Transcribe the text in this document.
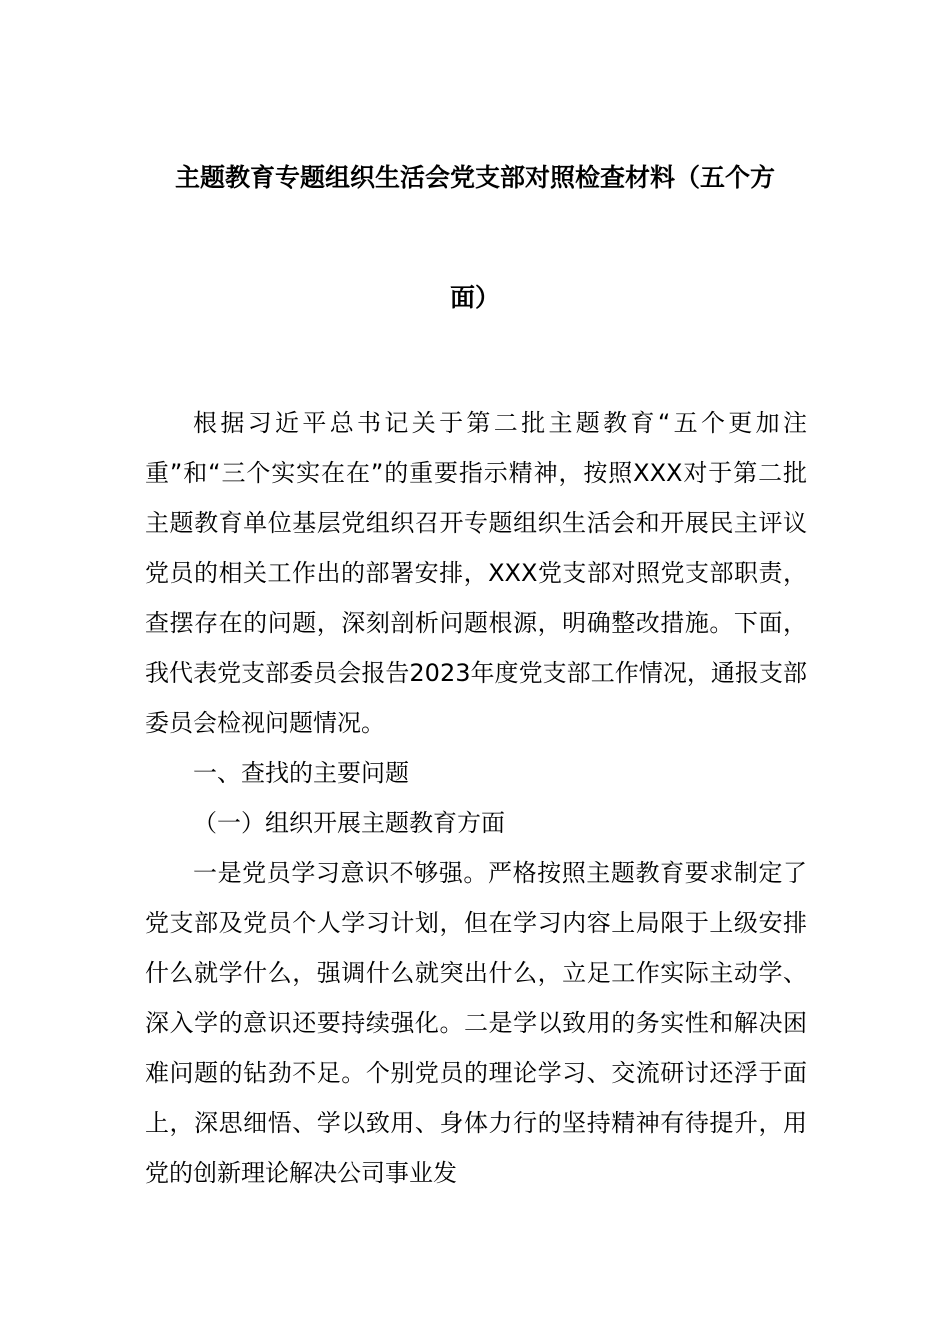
主题教育专题组织生活会党支部对照检查材料（五个方
面）

根据习近平总书记关于第二批主题教育“五个更加注重”和“三个实实在在”的重要指示精神，按照XXX对于第二批主题教育单位基层党组织召开专题组织生活会和开展民主评议党员的相关工作出的部署安排，XXX党支部对照党支部职责，查摆存在的问题，深刻剖析问题根源，明确整改措施。下面，我代表党支部委员会报告2023年度党支部工作情况，通报支部委员会检视问题情况。

一、查找的主要问题

（一）组织开展主题教育方面

一是党员学习意识不够强。严格按照主题教育要求制定了党支部及党员个人学习计划，但在学习内容上局限于上级安排什么就学什么，强调什么就突出什么，立足工作实际主动学、深入学的意识还要持续强化。二是学以致用的务实性和解决困难问题的钻劲不足。个别党员的理论学习、交流研讨还浮于面上，深思细悟、学以致用、身体力行的坚持精神有待提升，用党的创新理论解决公司事业发
